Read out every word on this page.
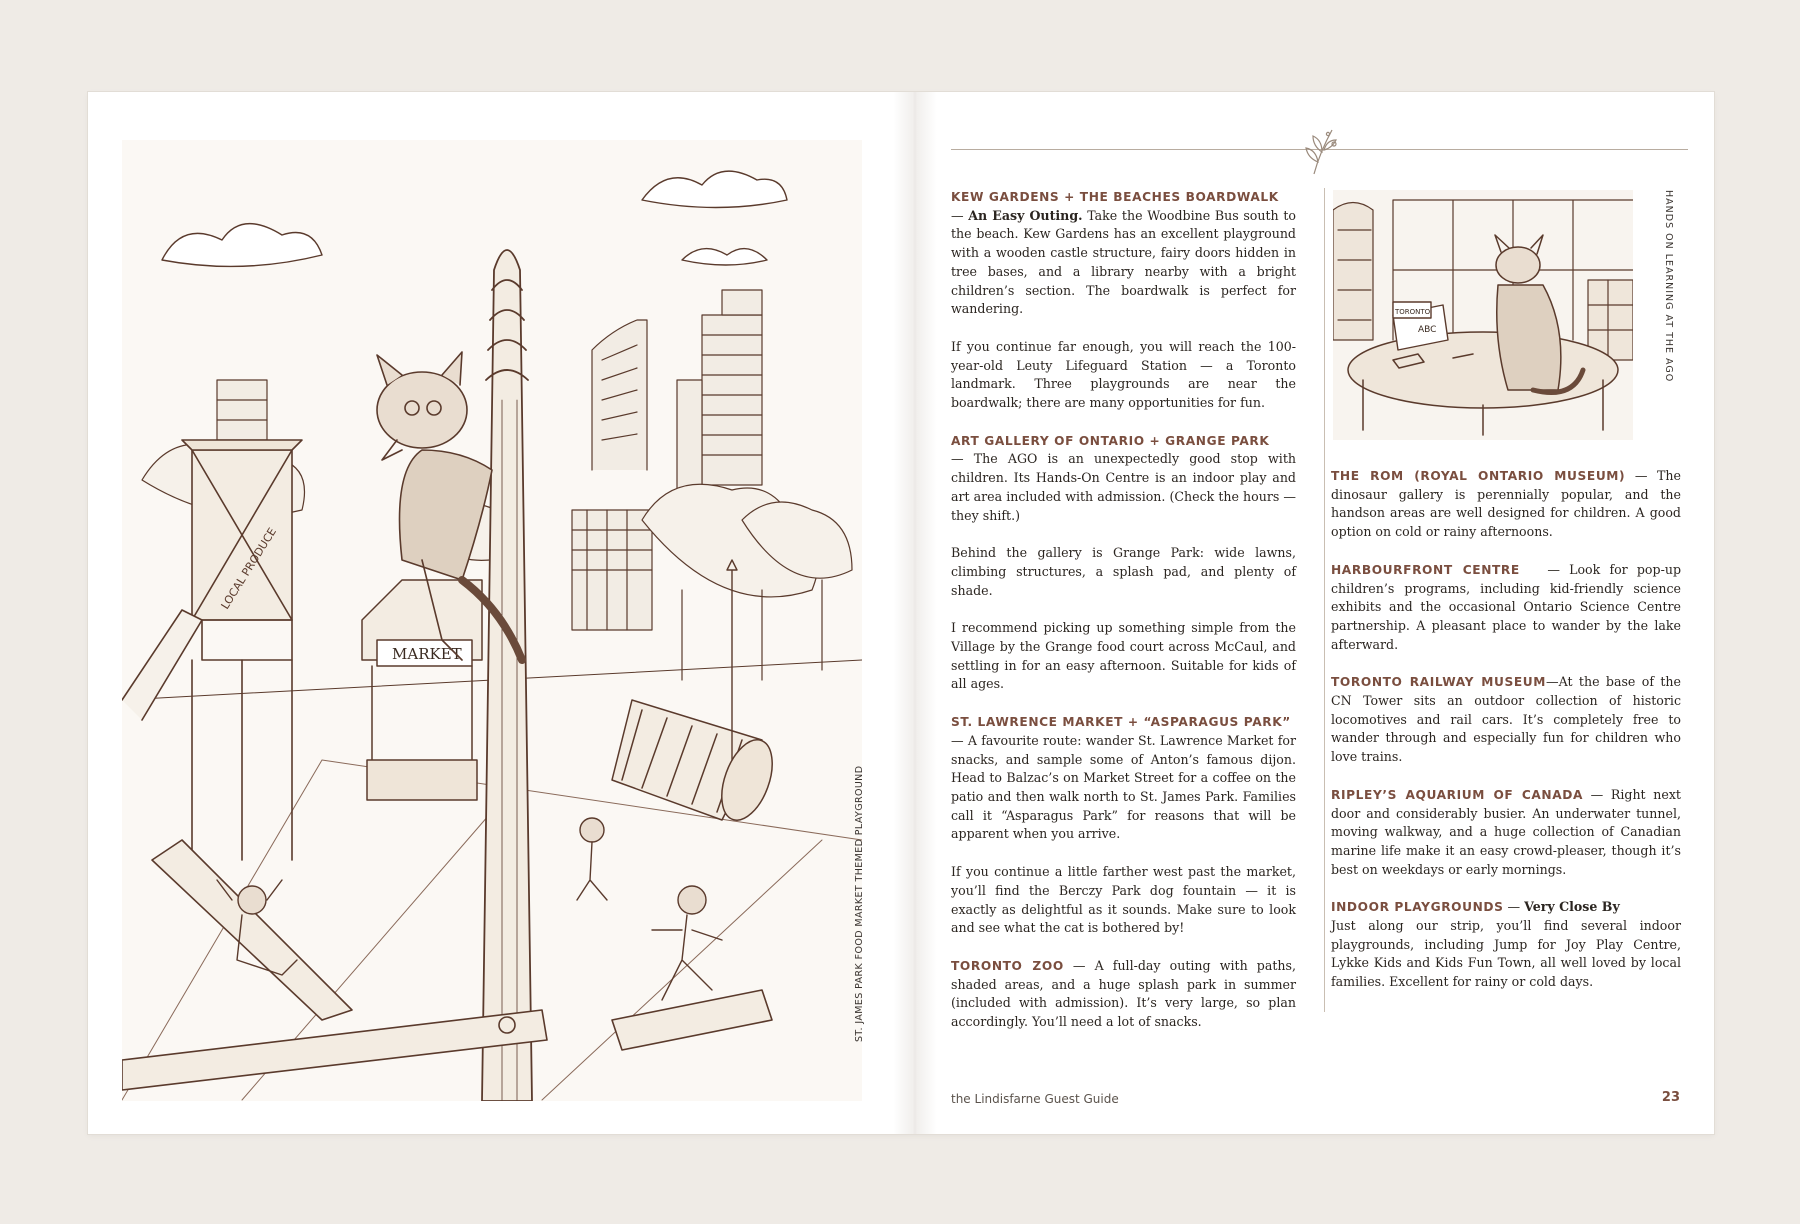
LOCAL PRODUCE
MARKET
ST. JAMES PARK FOOD MARKET THEMED PLAYGROUND

KEW GARDENS + THE BEACHES BOARDWALK
— An Easy Outing. Take the Woodbine Bus south to the beach. Kew Gardens has an excellent playground with a wooden castle structure, fairy doors hidden in tree bases, and a library nearby with a bright children’s section. The boardwalk is perfect for wandering.

If you continue far enough, you will reach the 100-year-old Leuty Lifeguard Station — a Toronto landmark. Three playgrounds are near the boardwalk; there are many opportunities for fun.

ART GALLERY OF ONTARIO + GRANGE PARK
— The AGO is an unexpectedly good stop with children. Its Hands-On Centre is an indoor play and art area included with admission. (Check the hours — they shift.)

Behind the gallery is Grange Park: wide lawns, climbing structures, a splash pad, and plenty of shade.

I recommend picking up something simple from the Village by the Grange food court across McCaul, and settling in for an easy afternoon. Suitable for kids of all ages.

ST. LAWRENCE MARKET + “ASPARAGUS PARK”
— A favourite route: wander St. Lawrence Market for snacks, and sample some of Anton’s famous dijon. Head to Balzac’s on Market Street for a coffee on the patio and then walk north to St. James Park. Families call it “Asparagus Park” for reasons that will be apparent when you arrive.

If you continue a little farther west past the market, you’ll find the Berczy Park dog fountain — it is exactly as delightful as it sounds. Make sure to look and see what the cat is bothered by!

TORONTO ZOO — A full-day outing with paths, shaded areas, and a huge splash park in summer (included with admission). It’s very large, so plan accordingly. You’ll need a lot of snacks.

TORONTO
ABC	HANDS ON LEARNING AT THE AGO

THE ROM (ROYAL ONTARIO MUSEUM) — The dinosaur gallery is perennially popular, and the handson areas are well designed for children. A good option on cold or rainy afternoons.

HARBOURFRONT CENTRE   — Look for pop-up children’s programs, including kid-friendly science exhibits and the occasional Ontario Science Centre partnership. A pleasant place to wander by the lake afterward.

TORONTO RAILWAY MUSEUM—At the base of the CN Tower sits an outdoor collection of historic locomotives and rail cars. It’s completely free to wander through and especially fun for children who love trains.

RIPLEY’S AQUARIUM OF CANADA — Right next door and considerably busier. An underwater tunnel, moving walkway, and a huge collection of Canadian marine life make it an easy crowd-pleaser, though it’s best on weekdays or early mornings.

INDOOR PLAYGROUNDS — Very Close By
Just along our strip, you’ll find several indoor playgrounds, including Jump for Joy Play Centre, Lykke Kids and Kids Fun Town, all well loved by local families. Excellent for rainy or cold days.

the Lindisfarne Guest Guide	23
